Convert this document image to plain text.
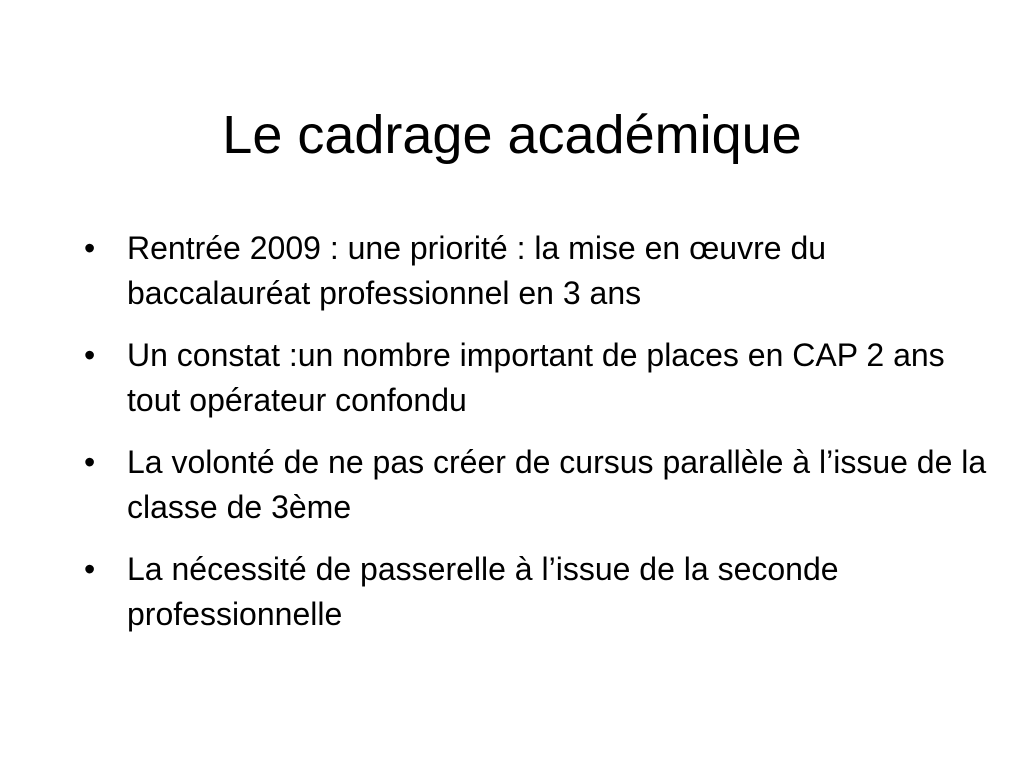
Le cadrage académique
• Rentrée 2009 : une priorité : la mise en œuvre du baccalauréat professionnel en 3 ans
• Un constat :un nombre important de places en CAP 2 ans tout opérateur confondu
• La volonté de ne pas créer de cursus parallèle à l’issue de la classe de 3ème
• La nécessité de passerelle à l’issue de la seconde professionnelle
